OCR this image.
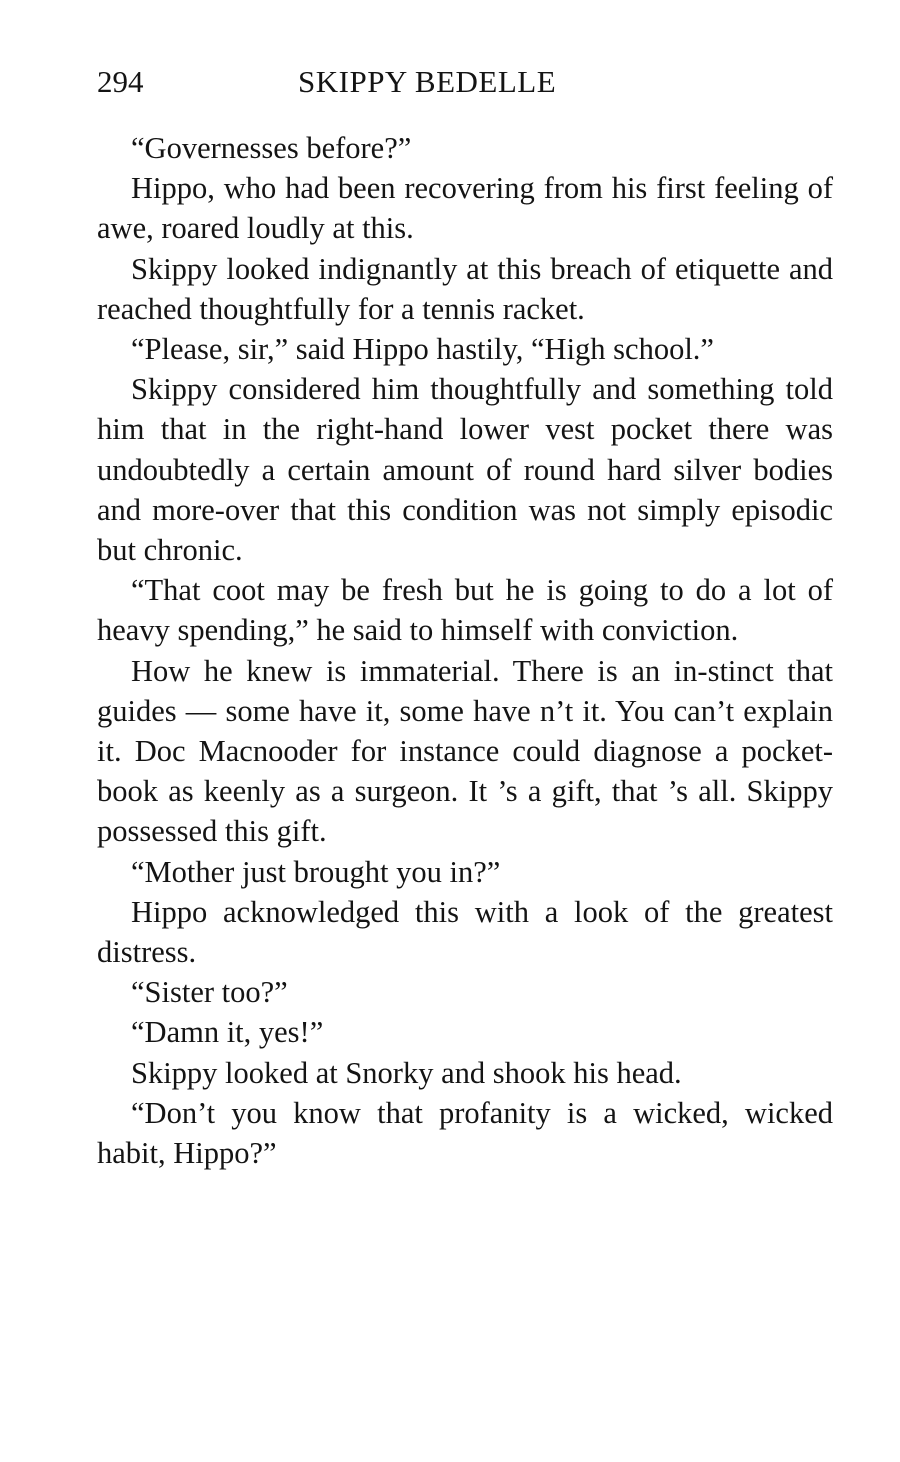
294	SKIPPY BEDELLE

“Governesses before?”

Hippo, who had been recovering from his first feeling of awe, roared loudly at this.

Skippy looked indignantly at this breach of etiquette and reached thoughtfully for a tennis racket.

“Please, sir,” said Hippo hastily, “High school.”

Skippy considered him thoughtfully and something told him that in the right-hand lower vest pocket there was undoubtedly a certain amount of round hard silver bodies and more-over that this condition was not simply episodic but chronic.

“That coot may be fresh but he is going to do a lot of heavy spending,” he said to himself with conviction.

How he knew is immaterial. There is an in-stinct that guides — some have it, some have n’t it. You can’t explain it. Doc Macnooder for instance could diagnose a pocket-book as keenly as a surgeon. It ’s a gift, that ’s all. Skippy possessed this gift.

“Mother just brought you in?”

Hippo acknowledged this with a look of the greatest distress.

“Sister too?”

“Damn it, yes!”

Skippy looked at Snorky and shook his head.

“Don’t you know that profanity is a wicked, wicked habit, Hippo?”
